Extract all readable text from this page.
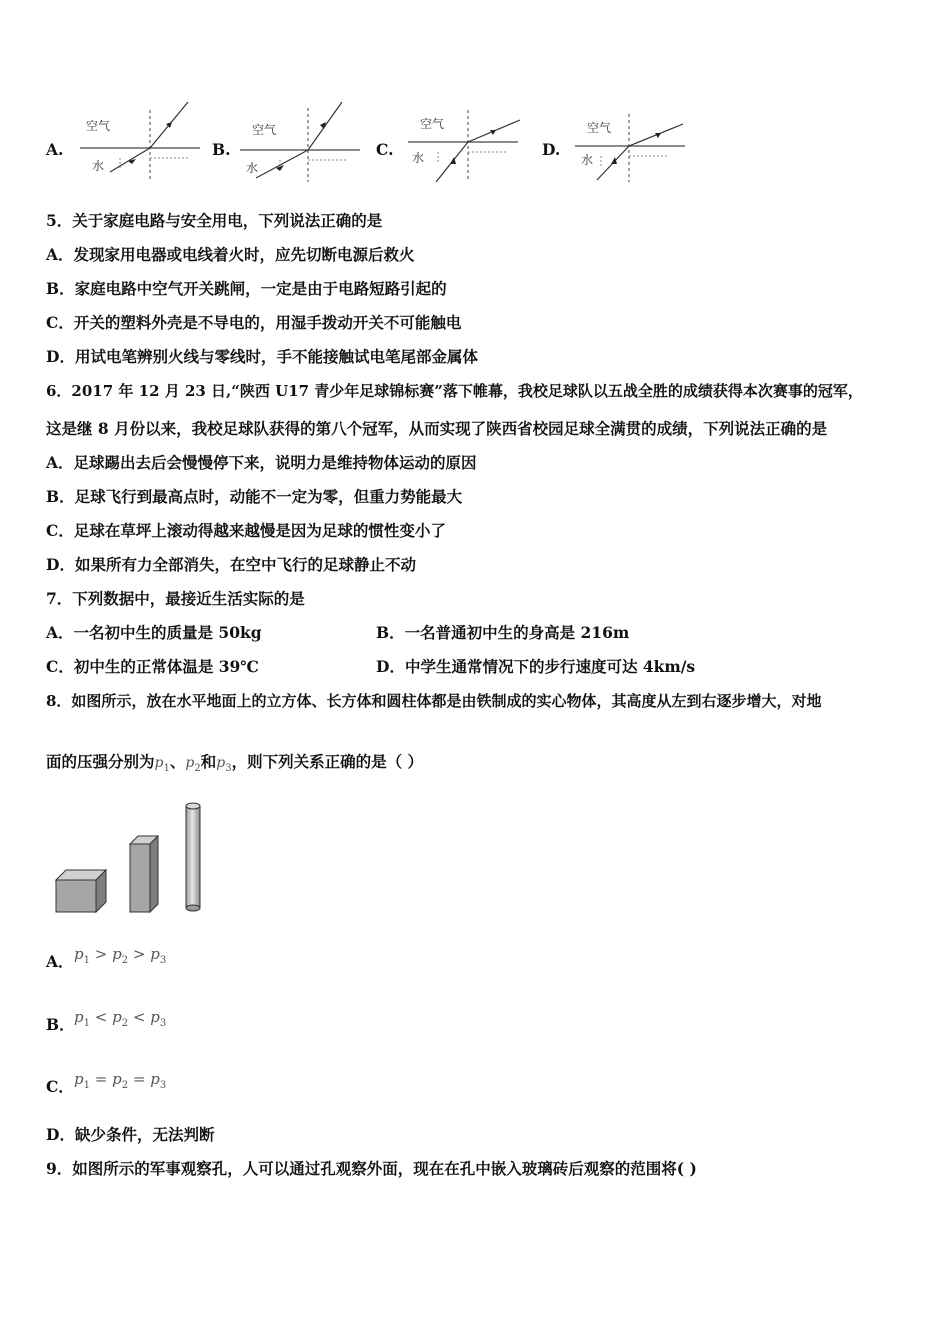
A.
空气
水
B.
空气
水
C.
空气
水	D.
空气
水
5．关于家庭电路与安全用电，下列说法正确的是
A．发现家用电器或电线着火时，应先切断电源后救火
B．家庭电路中空气开关跳闸，一定是由于电路短路引起的
C．开关的塑料外壳是不导电的，用湿手拨动开关不可能触电
D．用试电笔辨别火线与零线时，手不能接触试电笔尾部金属体
6．2017 年 12 月 23 日,“陕西 U17 青少年足球锦标赛”落下帷幕，我校足球队以五战全胜的成绩获得本次赛事的冠军，
这是继 8 月份以来，我校足球队获得的第八个冠军，从而实现了陕西省校园足球全满贯的成绩，下列说法正确的是
A．足球踢出去后会慢慢停下来，说明力是维持物体运动的原因
B．足球飞行到最高点时，动能不一定为零，但重力势能最大
C．足球在草坪上滚动得越来越慢是因为足球的惯性变小了
D．如果所有力全部消失，在空中飞行的足球静止不动
7．下列数据中，最接近生活实际的是
A．一名初中生的质量是 50kg	B．一名普通初中生的身高是 216m
C．初中生的正常体温是 39℃	D．中学生通常情况下的步行速度可达 4km/s
8．如图所示，放在水平地面上的立方体、长方体和圆柱体都是由铁制成的实心物体，其高度从左到右逐步增大，对地
面的压强分别为$p_1$、$p_2$和$p_3$，则下列关系正确的是（ ）
A． $p_1 > p_2 > p_3$
B． $p_1 < p_2 < p_3$
C． $p_1 = p_2 = p_3$
D．缺少条件，无法判断
9．如图所示的军事观察孔，人可以通过孔观察外面，现在在孔中嵌入玻璃砖后观察的范围将( )
